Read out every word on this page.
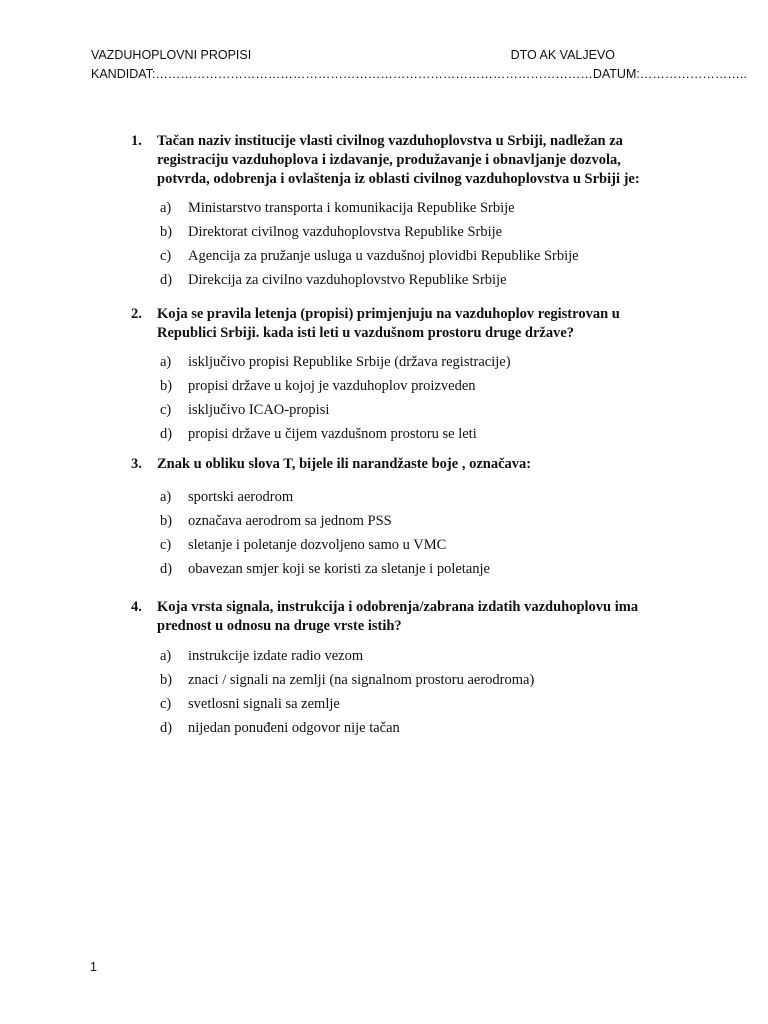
VAZDUHOPLOVNI PROPISI	DTO AK VALJEVO
KANDIDAT:……………………………………………………………………………………………DATUM:……………………..
1.	Tačan naziv institucije vlasti civilnog vazduhoplovstva u Srbiji, nadležan za registraciju vazduhoplova i izdavanje, produžavanje i obnavljanje dozvola, potvrda, odobrenja i ovlaštenja iz oblasti civilnog vazduhoplovstva u Srbiji je:
a)	Ministarstvo transporta i komunikacija Republike Srbije
b)	Direktorat civilnog vazduhoplovstva Republike Srbije
c)	Agencija za pružanje usluga u vazdušnoj plovidbi Republike Srbije
d)	Direkcija za civilno vazduhoplovstvo Republike Srbije
2.	Koja se pravila letenja (propisi) primjenjuju na vazduhoplov registrovan u Republici Srbiji. kada isti leti u vazdušnom prostoru druge države?
a)	isključivo propisi Republike Srbije (država registracije)
b)	propisi države u kojoj je vazduhoplov proizveden
c)	isključivo ICAO-propisi
d)	propisi države u čijem vazdušnom prostoru se leti
3.	Znak u obliku slova T, bijele ili narandžaste boje , označava:
a)	sportski aerodrom
b)	označava aerodrom sa jednom PSS
c)	sletanje i poletanje dozvoljeno samo u VMC
d)	obavezan smjer koji se koristi za sletanje i poletanje
4.	Koja vrsta signala, instrukcija i odobrenja/zabrana izdatih vazduhoplovu ima prednost u odnosu na druge vrste istih?
a)	instrukcije izdate radio vezom
b)	znaci / signali na zemlji (na signalnom prostoru aerodroma)
c)	svetlosni signali sa zemlje
d)	nijedan ponuđeni odgovor nije tačan
1
